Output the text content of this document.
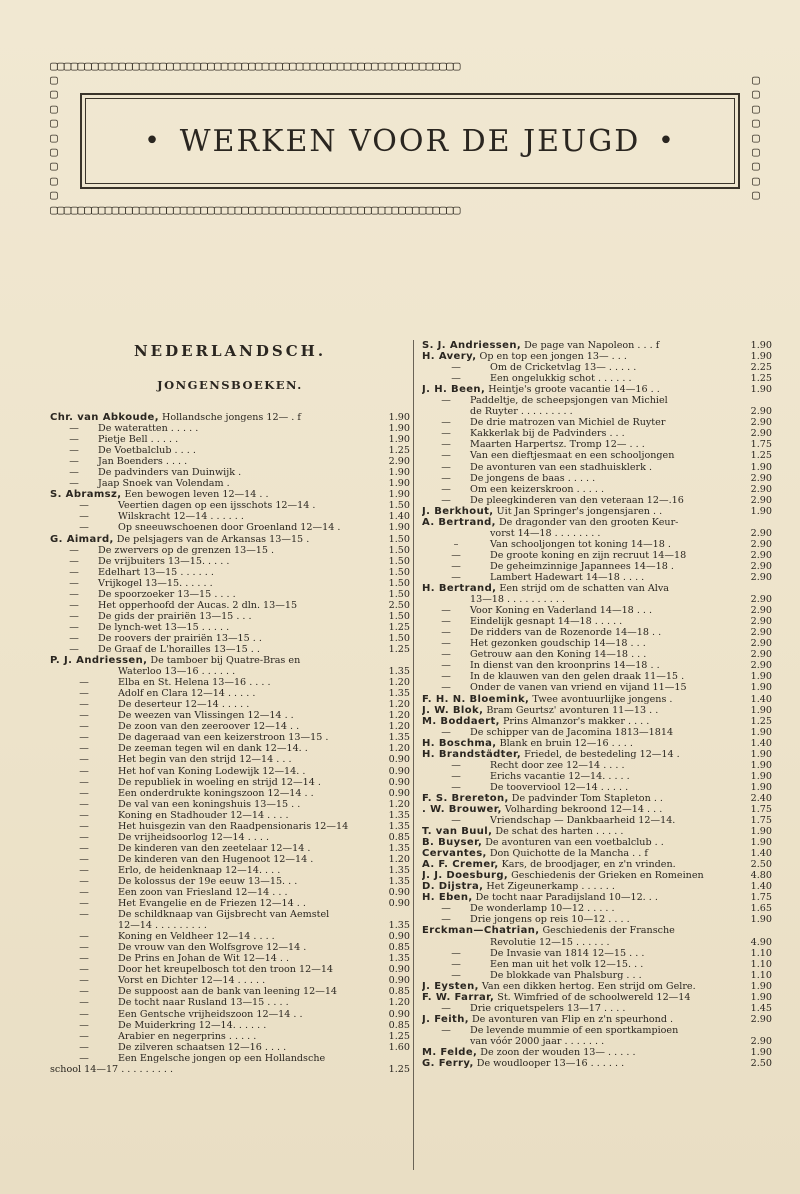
▢▢▢▢▢▢▢▢▢▢▢▢▢▢▢▢▢▢▢▢▢▢▢▢▢▢▢▢▢▢▢▢▢▢▢▢▢▢▢▢▢▢▢▢▢▢▢▢▢▢▢▢▢▢▢▢▢▢▢▢
▢
▢
▢
▢
▢
▢
▢
▢
▢
▢
▢
▢
▢
▢
▢
▢
▢
▢
▢▢▢▢▢▢▢▢▢▢▢▢▢▢▢▢▢▢▢▢▢▢▢▢▢▢▢▢▢▢▢▢▢▢▢▢▢▢▢▢▢▢▢▢▢▢▢▢▢▢▢▢▢▢▢▢▢▢▢▢
• WERKEN VOOR DE JEUGD •
NEDERLANDSCH.
JONGENSBOEKEN.
Chr. van Abkoude, Hollandsche jongens 12— . f	1.90
— De wateratten . . . . .	1.90
— Pietje Bell . . . . .	1.90
— De Voetbalclub . . . .	1.25
— Jan Boenders . . . .	2.90
— De padvinders van Duinwijk .	1.90
— Jaap Snoek van Volendam .	1.90
S. Abramsz, Een bewogen leven 12—14 . .	1.90
—	Veertien dagen op een ijsschots 12—14 .	1.50
—	Wilskracht 12—14 . . . . . .	1.40
—	Op sneeuwschoenen door Groenland 12—14 .	1.90
G. Aimard, De pelsjagers van de Arkansas 13—15 .	1.50
— De zwervers op de grenzen 13—15 .	1.50
— De vrijbuiters 13—15. . . . .	1.50
— Edelhart 13—15 . . . . . .	1.50
— Vrijkogel 13—15. . . . . .	1.50
— De spoorzoeker 13—15 . . . .	1.50
— Het opperhoofd der Aucas. 2 dln. 13—15	2.50
— De gids der prairiën 13—15 . . .	1.50
— De lynch-wet 13—15 . . . . .	1.25
— De roovers der prairiën 13—15 . .	1.50
— De Graaf de L'horailles 13—15 . .	1.25
P. J. Andriessen, De tamboer bij Quatre-Bras en
Waterloo 13—16 . . . . . .	1.35
—	Elba en St. Helena 13—16 . . . .	1.20
—	Adolf en Clara 12—14 . . . . .	1.35
—	De deserteur 12—14 . . . . .	1.20
—	De weezen van Vlissingen 12—14 . .	1.20
—	De zoon van den zeeroover 12—14 . .	1.20
—	De dageraad van een keizerstroon 13—15 .	1.35
—	De zeeman tegen wil en dank 12—14. .	1.20
—	Het begin van den strijd 12—14 . . .	0.90
—	Het hof van Koning Lodewijk 12—14. .	0.90
—	De republiek in woeling en strijd 12—14 .	0.90
—	Een onderdrukte koningszoon 12—14 . .	0.90
—	De val van een koningshuis 13—15 . .	1.20
—	Koning en Stadhouder 12—14 . . . .	1.35
—	Het huisgezin van den Raadpensionaris 12—14	1.35
—	De vrijheidsoorlog 12—14 . . . .	0.85
—	De kinderen van den zeetelaar 12—14 .	1.35
—	De kinderen van den Hugenoot 12—14 .	1.20
—	Erlo, de heidenknaap 12—14. . . .	1.35
—	De kolossus der 19e eeuw 13—15. . .	1.35
—	Een zoon van Friesland 12—14 . . .	0.90
—	Het Evangelie en de Friezen 12—14 . .	0.90
—	De schildknaap van Gijsbrecht van Aemstel
12—14 . . . . . . . . .	1.35
—	Koning en Veldheer 12—14 . . . .	0.90
—	De vrouw van den Wolfsgrove 12—14 .	0.85
—	De Prins en Johan de Wit 12—14 . .	1.35
—	Door het kreupelbosch tot den troon 12—14	0.90
—	Vorst en Dichter 12—14 . . . . .	0.90
—	De suppoost aan de bank van leening 12—14	0.85
—	De tocht naar Rusland 13—15 . . . .	1.20
—	Een Gentsche vrijheidszoon 12—14 . .	0.90
—	De Muiderkring 12—14. . . . . .	0.85
—	Arabier en negerprins . . . . .	1.25
—	De zilveren schaatsen 12—16 . . . .	1.60
—	Een Engelsche jongen op een Hollandsche
school 14—17 . . . . . . . . .	1.25
S. J. Andriessen, De page van Napoleon . . . f	1.90
H. Avery, Op en top een jongen 13— . . .	1.90
—	Om de Cricketvlag 13— . . . . .	2.25
—	Een ongelukkig schot . . . . . .	1.25
J. H. Been, Heintje's groote vacantie 14—16 . .	1.90
— Paddeltje, de scheepsjongen van Michiel
de Ruyter . . . . . . . . .	2.90
— De drie matrozen van Michiel de Ruyter	2.90
— Kakkerlak bij de Padvinders . . .	2.90
— Maarten Harpertsz. Tromp 12— . . .	1.75
— Van een dieftjesmaat en een schooljongen	1.25
— De avonturen van een stadhuisklerk .	1.90
— De jongens de baas . . . . .	2.90
— Om een keizerskroon . . . . .	2.90
— De pleegkinderen van den veteraan 12—.16	2.90
J. Berkhout, Uit Jan Springer's jongensjaren . .	1.90
A. Bertrand, De dragonder van den grooten Keur-
vorst 14—18 . . . . . . . .	2.90
–	Van schooljongen tot koning 14—18 .	2.90
—	De groote koning en zijn recruut 14—18	2.90
—	De geheimzinnige Japannees 14—18 .	2.90
—	Lambert Hadewart 14—18 . . . .	2.90
H. Bertrand, Een strijd om de schatten van Alva
13—18 . . . . . . . . . .	2.90
— Voor Koning en Vaderland 14—18 . . .	2.90
— Eindelijk gesnapt 14—18 . . . . .	2.90
— De ridders van de Rozenorde 14—18 . .	2.90
— Het gezonken goudschip 14—18 . . .	2.90
— Getrouw aan den Koning 14—18 . . .	2.90
— In dienst van den kroonprins 14—18 . .	2.90
— In de klauwen van den gelen draak 11—15 .	1.90
— Onder de vanen van vriend en vijand 11—15	1.90
F. H. N. Bloemink, Twee avontuurlijke jongens .	1.40
J. W. Blok, Bram Geurtsz' avonturen 11—13 . .	1.90
M. Boddaert, Prins Almanzor's makker . . . .	1.25
— De schipper van de Jacomina 1813—1814	1.90
H. Boschma, Blank en bruin 12—16 . . . .	1.40
H. Brandstädter, Friedel, de bestedeling 12—14 .	1.90
—	Recht door zee 12—14 . . . .	1.90
—	Erichs vacantie 12—14. . . . .	1.90
—	De tooverviool 12—14 . . . . .	1.90
F. S. Brereton, De padvinder Tom Stapleton . .	2.40
. W. Brouwer, Volharding bekroond 12—14 . . .	1.75
—	Vriendschap — Dankbaarheid 12—14.	1.75
T. van Buul, De schat des harten . . . . .	1.90
B. Buyser, De avonturen van een voetbalclub . .	1.90
Cervantes, Don Quichotte de la Mancha . . f	1.40
A. F. Cremer, Kars, de broodjager, en z'n vrinden.	2.50
J. J. Doesburg, Geschiedenis der Grieken en Romeinen	4.80
D. Dijstra, Het Zigeunerkamp . . . . . .	1.40
H. Eben, De tocht naar Paradijsland 10—12. . .	1.75
— De wonderlamp 10—12 . . . . .	1.65
— Drie jongens op reis 10—12 . . . .	1.90
Erckman—Chatrian, Geschiedenis der Fransche
Revolutie 12—15 . . . . . .	4.90
—	De Invasie van 1814 12—15 . . .	1.10
—	Een man uit het volk 12—15. . .	1.10
—	De blokkade van Phalsburg . . .	1.10
J. Eysten, Van een dikken hertog. Een strijd om Gelre.	1.90
F. W. Farrar, St. Wimfried of de schoolwereld 12—14	1.90
— Drie criquetspelers 13—17 . . . .	1.45
J. Feith, De avonturen van Flip en z'n speurhond .	2.90
— De levende mummie of een sportkampioen
van vóór 2000 jaar . . . . . . .	2.90
M. Felde, De zoon der wouden 13— . . . . .	1.90
G. Ferry, De woudlooper 13—16 . . . . . .	2.50
